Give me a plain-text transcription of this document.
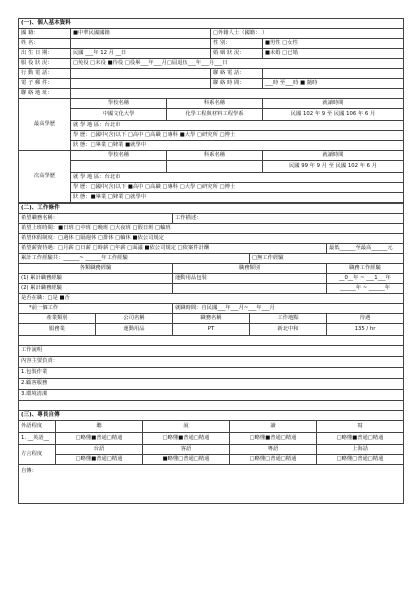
(一)、個人基本資料			
國 籍：	■中華民國國籍	□外籍人士（國籍： ）	
姓 名：		性 別：	■男性 □女性
出 生 日 期：	民國 ___年 12 月 __日	婚 姻 狀 況：	■未婚 □已婚
服 役 狀 況：	□免役 □未役 ■待役 □役畢___年___月□屆退伍___年___月___日		
行 動 電 話：		聯 絡 電 話：	
電 子 郵 件：		聯 絡 時 間：	___時 至___時 ■ 隨時
聯 絡 地 址：			
最高學歷	學校名稱	科系名稱	就讀時間
	中國文化大學	化學工程與材料工程學系	民國 102 年 9 至 民國 106 年 6 月
	就 學 地 區：台北市		
	學 歷：□國中(含)以下 □高中 □高職 □專科 ■大學 □研究所 □博士		
	狀 態：□畢業 □肄業 ■就學中		
次高學歷	學校名稱	科系名稱	就讀時間
			民國 99 年 9 月 至 民國 102 年 6 月
	就 學 地 區：台北市		
	學 歷：□國中(含)以下 ■高中 □高職 □專科 □大學 □研究所 □博士		
	狀 態：■畢業 □肄業 □就學中		
(二)、工作條件				
希望職務名稱：		工作描述：		
希望上班時間：■日班 □中班 □晚班 □大夜班 □假日班 □輪班				
希望休假制度：□週休 □隔週休 □排休 □輪休 ■依公司規定				
希望薪資待遇：□月薪 □日薪 □時薪 □年薪 □面議 ■依公司規定 □依案件計酬				最低______至最高______元
累計工作經驗共：______~ ______年工作經驗			□無工作經驗	
各類職務經驗		職務類別		職務工作經驗
(1) 累計職務經驗		運動用品包裝		__0__年 ~ ___1___年
(2) 累計職務經驗				______年 ~ ______年
是否在職：□是 ■否				
*前一個工作		就職時間：自民國___年___月~___年___月		
產業類別	公司名稱	職務名稱	工作地點	待遇
服務業	運動用品	PT	新北中和	135 / hr

工作說明				
內容主要負責：				
1.包裝作業				
2.顧客服務				
3.環境清潔				

(三)、專長自傳				
外語程度	聽	說	讀	寫
1. __英語__	□略懂■普通□精通	□略懂■普通□精通	□略懂■普通□精通	□略懂■普通□精通
方言程度	台語	客語	粵語	上海話
	□略懂■普通□精通	■略懂□普通□精通	□略懂□普通□精通	□略懂□普通□精通
自傳：				
